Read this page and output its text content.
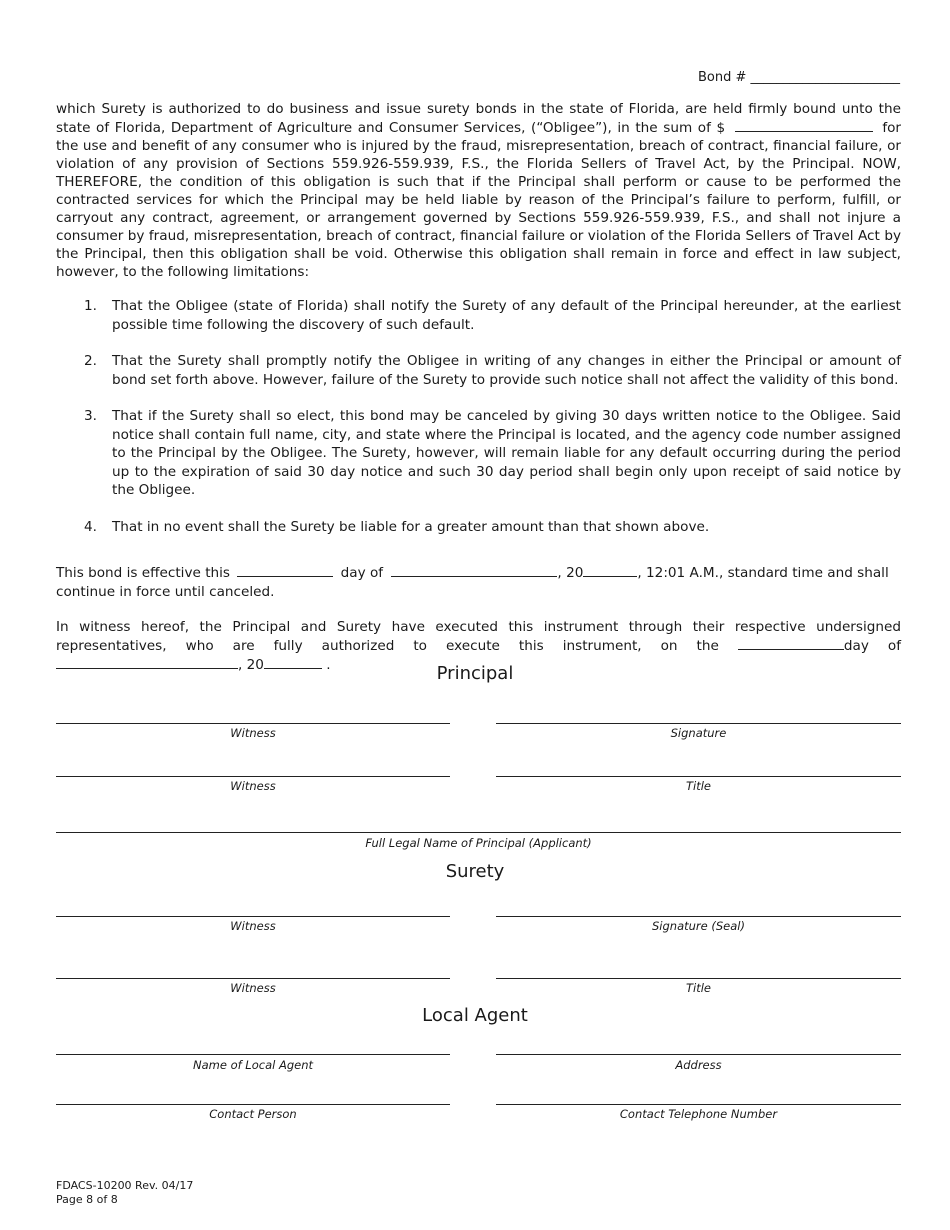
Bond # _______________________
which Surety is authorized to do business and issue surety bonds in the state of Florida, are held firmly bound unto the state of Florida, Department of Agriculture and Consumer Services, (“Obligee”), in the sum of $	for the use and benefit of any consumer who is injured by the fraud, misrepresentation, breach of contract, financial failure, or violation of any provision of Sections 559.926-559.939, F.S., the Florida Sellers of Travel Act, by the Principal. NOW, THEREFORE, the condition of this obligation is such that if the Principal shall perform or cause to be performed the contracted services for which the Principal may be held liable by reason of the Principal’s failure to perform, fulfill, or carryout any contract, agreement, or arrangement governed by Sections 559.926-559.939, F.S., and shall not injure a consumer by fraud, misrepresentation, breach of contract, financial failure or violation of the Florida Sellers of Travel Act by the Principal, then this obligation shall be void. Otherwise this obligation shall remain in force and effect in law subject, however, to the following limitations:
1. That the Obligee (state of Florida) shall notify the Surety of any default of the Principal hereunder, at the earliest possible time following the discovery of such default.
2. That the Surety shall promptly notify the Obligee in writing of any changes in either the Principal or amount of bond set forth above. However, failure of the Surety to provide such notice shall not affect the validity of this bond.
3. That if the Surety shall so elect, this bond may be canceled by giving 30 days written notice to the Obligee. Said notice shall contain full name, city, and state where the Principal is located, and the agency code number assigned to the Principal by the Obligee. The Surety, however, will remain liable for any default occurring during the period up to the expiration of said 30 day notice and such 30 day period shall begin only upon receipt of said notice by the Obligee.
4. That in no event shall the Surety be liable for a greater amount than that shown above.
This bond is effective this	day of	, 20	, 12:01 A.M., standard time and shall continue in force until canceled.
In witness hereof, the Principal and Surety have executed this instrument through their respective undersigned representatives, who are fully authorized to execute this instrument, on the	day of, 20	.	Principal
Witness	Signature
Witness	Title
Full Legal Name of Principal (Applicant)
Surety
Witness	Signature (Seal)
Witness	Title
Local Agent
Name of Local Agent	Address
Contact Person	Contact Telephone Number
FDACS-10200 Rev. 04/17
Page 8 of 8
